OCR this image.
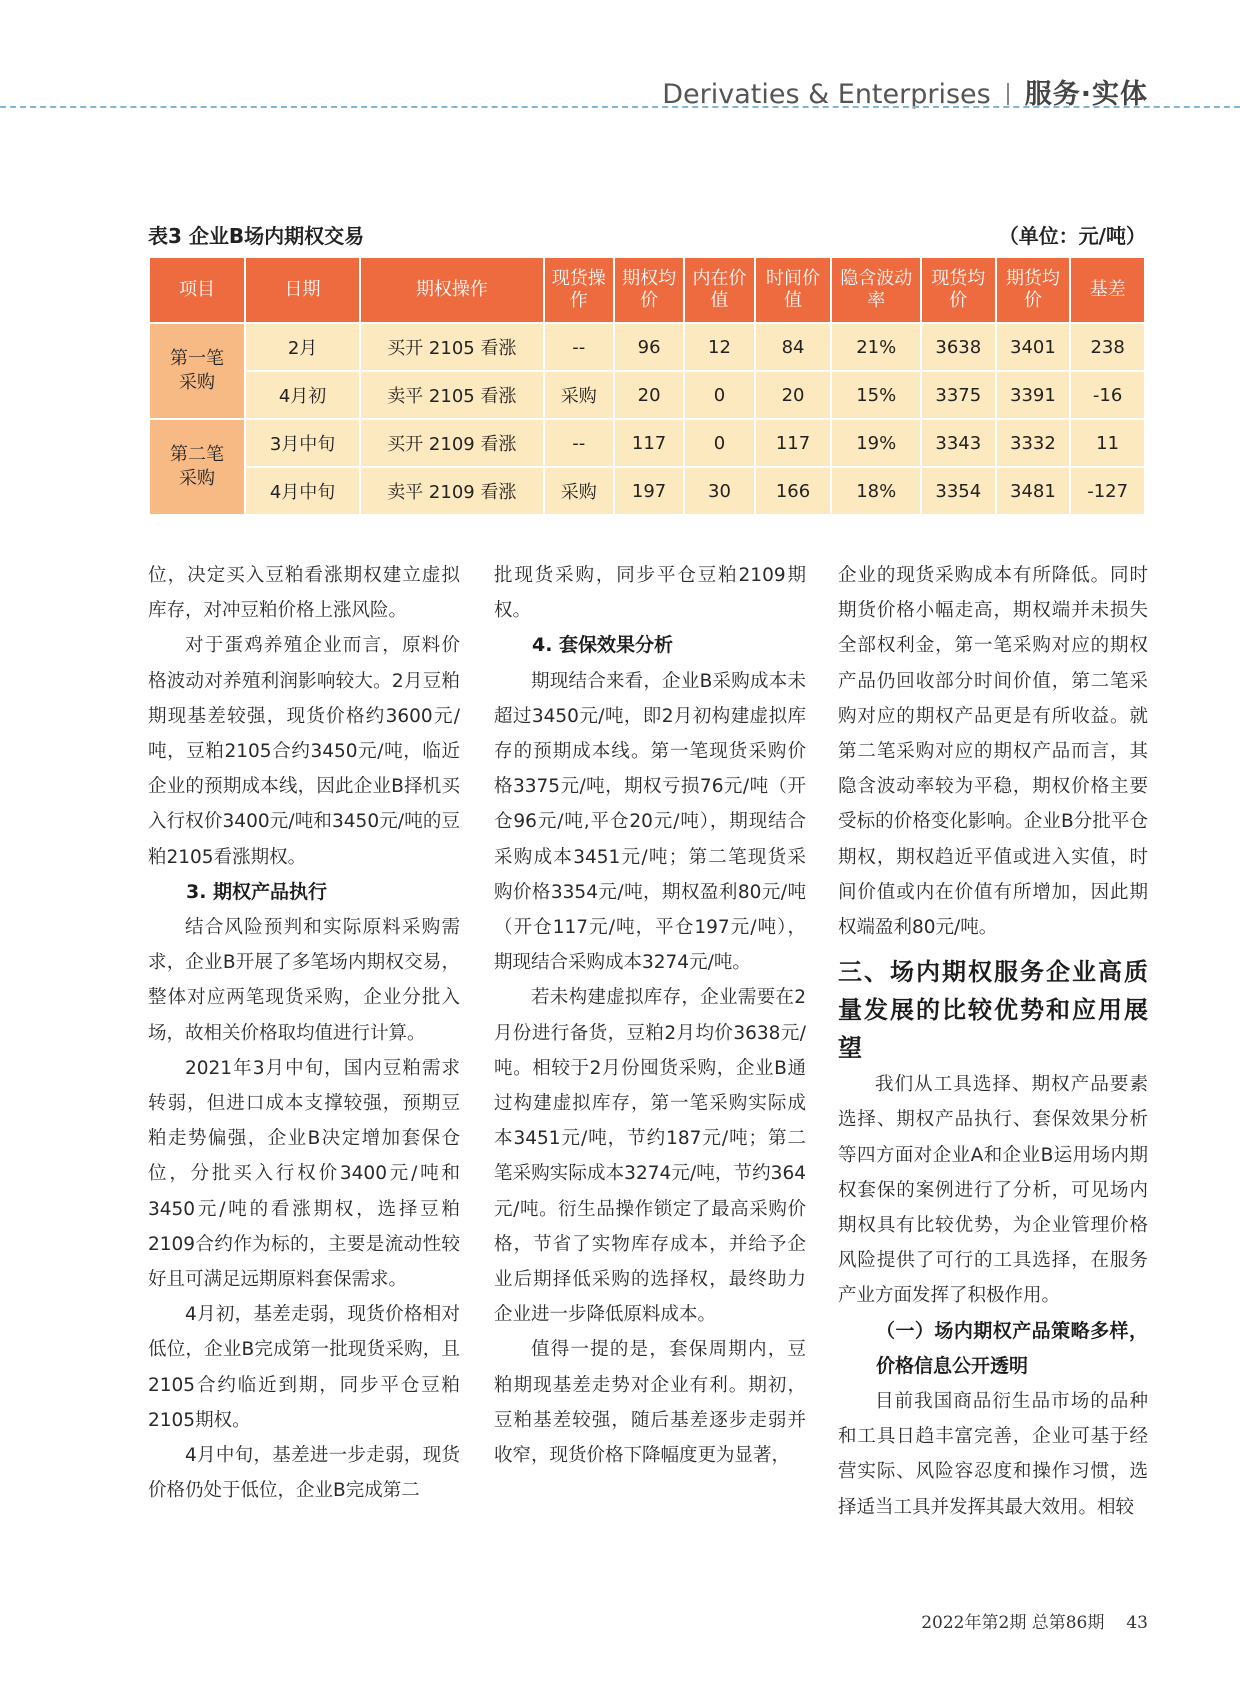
Derivaties & Enterprises 服务·实体
表3 企业B场内期权交易	（单位：元/吨）
项目	日期	期权操作	现货操作	期权均价	内在价值	时间价值	隐含波动率	现货均价	期货均价	基差
第一笔采购	2月	买开 2105 看涨	--	96	12	84	21%	3638	3401	238
	4月初	卖平 2105 看涨	采购	20	0	20	15%	3375	3391	-16
第二笔采购	3月中旬	买开 2109 看涨	--	117	0	117	19%	3343	3332	11
	4月中旬	卖平 2109 看涨	采购	197	30	166	18%	3354	3481	-127

位，决定买入豆粕看涨期权建立虚拟库存，对冲豆粕价格上涨风险。

对于蛋鸡养殖企业而言，原料价格波动对养殖利润影响较大。2月豆粕期现基差较强，现货价格约3600元/吨，豆粕2105合约3450元/吨，临近企业的预期成本线，因此企业B择机买入行权价3400元/吨和3450元/吨的豆粕2105看涨期权。

3. 期权产品执行

结合风险预判和实际原料采购需求，企业B开展了多笔场内期权交易，整体对应两笔现货采购，企业分批入场，故相关价格取均值进行计算。

2021年3月中旬，国内豆粕需求转弱，但进口成本支撑较强，预期豆粕走势偏强，企业B决定增加套保仓位，分批买入行权价3400元/吨和3450元/吨的看涨期权，选择豆粕2109合约作为标的，主要是流动性较好且可满足远期原料套保需求。

4月初，基差走弱，现货价格相对低位，企业B完成第一批现货采购，且2105合约临近到期，同步平仓豆粕2105期权。

4月中旬，基差进一步走弱，现货价格仍处于低位，企业B完成第二

批现货采购，同步平仓豆粕2109期权。

4. 套保效果分析

期现结合来看，企业B采购成本未超过3450元/吨，即2月初构建虚拟库存的预期成本线。第一笔现货采购价格3375元/吨，期权亏损76元/吨（开仓96元/吨,平仓20元/吨），期现结合采购成本3451元/吨；第二笔现货采购价格3354元/吨，期权盈利80元/吨（开仓117元/吨，平仓197元/吨），期现结合采购成本3274元/吨。

若未构建虚拟库存，企业需要在2月份进行备货，豆粕2月均价3638元/吨。相较于2月份囤货采购，企业B通过构建虚拟库存，第一笔采购实际成本3451元/吨，节约187元/吨；第二笔采购实际成本3274元/吨，节约364元/吨。衍生品操作锁定了最高采购价格，节省了实物库存成本，并给予企业后期择低采购的选择权，最终助力企业进一步降低原料成本。

值得一提的是，套保周期内，豆粕期现基差走势对企业有利。期初，豆粕基差较强，随后基差逐步走弱并收窄，现货价格下降幅度更为显著，

企业的现货采购成本有所降低。同时期货价格小幅走高，期权端并未损失全部权利金，第一笔采购对应的期权产品仍回收部分时间价值，第二笔采购对应的期权产品更是有所收益。就第二笔采购对应的期权产品而言，其隐含波动率较为平稳，期权价格主要受标的价格变化影响。企业B分批平仓期权，期权趋近平值或进入实值，时间价值或内在价值有所增加，因此期权端盈利80元/吨。

三、场内期权服务企业高质量发展的比较优势和应用展望

我们从工具选择、期权产品要素选择、期权产品执行、套保效果分析等四方面对企业A和企业B运用场内期权套保的案例进行了分析，可见场内期权具有比较优势，为企业管理价格风险提供了可行的工具选择，在服务产业方面发挥了积极作用。

（一）场内期权产品策略多样，价格信息公开透明

目前我国商品衍生品市场的品种和工具日趋丰富完善，企业可基于经营实际、风险容忍度和操作习惯，选择适当工具并发挥其最大效用。相较

2022年第2期 总第86期 43
